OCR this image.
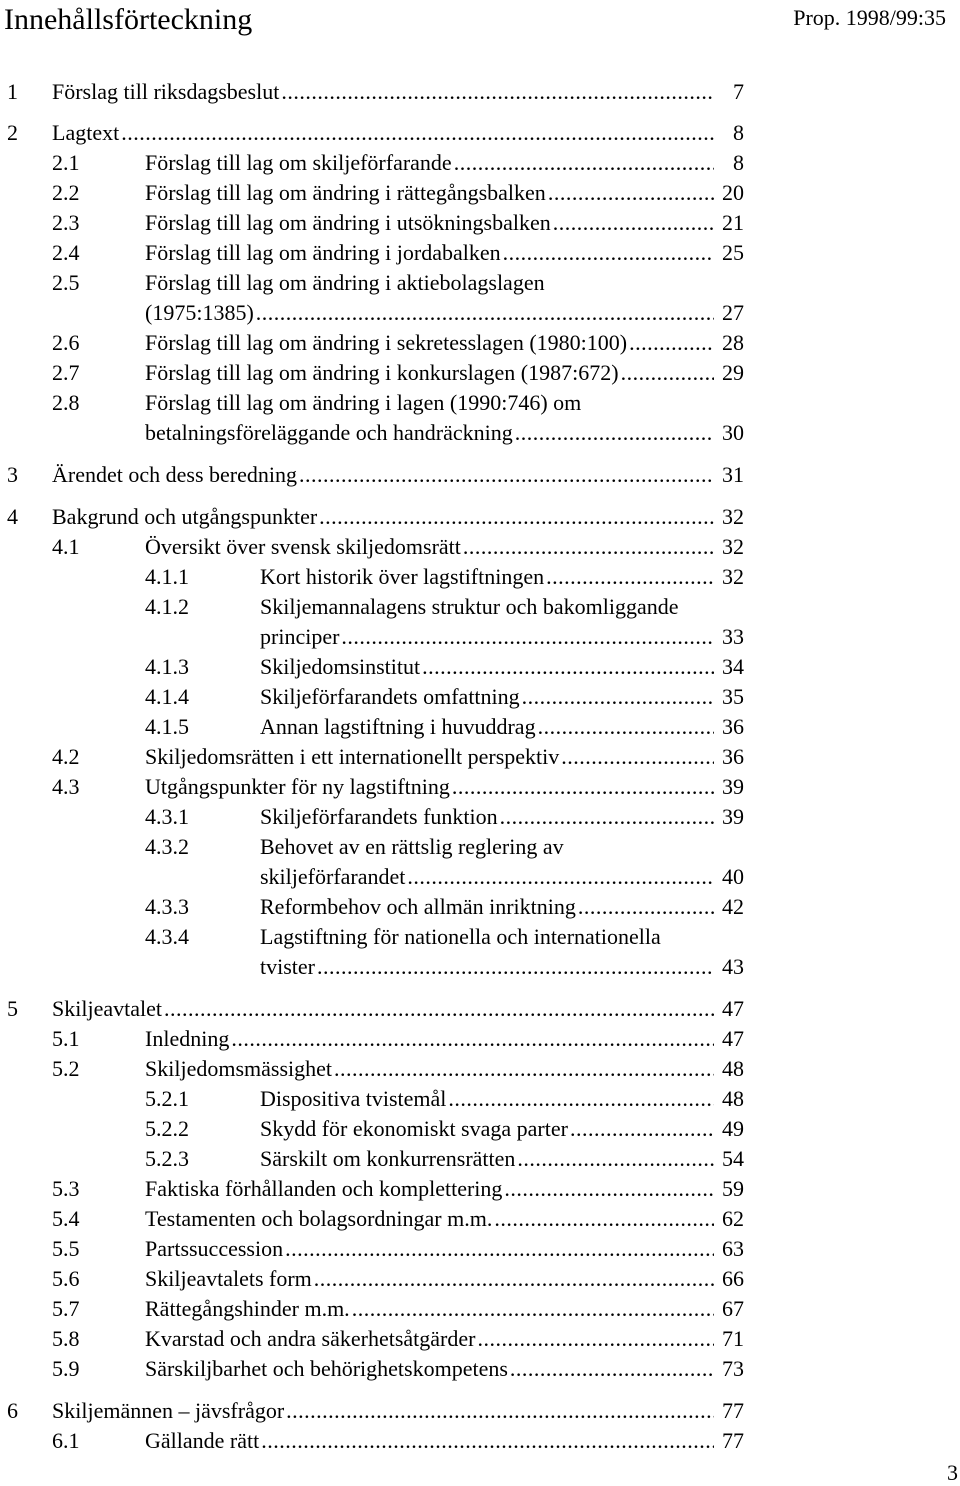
Innehållsförteckning	Prop. 1998/99:35
1 Förslag till riksdagsbeslut .....	7
2 Lagtext .....	8
2.1	Förslag till lag om skiljeförfarande .....	8
2.2	Förslag till lag om ändring i rättegångsbalken .....	20
2.3	Förslag till lag om ändring i utsökningsbalken .....	21
2.4	Förslag till lag om ändring i jordabalken .....	25
2.5	Förslag till lag om ändring i aktiebolagslagen
(1975:1385) .....	27
2.6	Förslag till lag om ändring i sekretesslagen (1980:100) .....	28
2.7	Förslag till lag om ändring i konkurslagen (1987:672) .....	29
2.8	Förslag till lag om ändring i lagen (1990:746) om
betalningsföreläggande och handräckning .....	30
3 Ärendet och dess beredning .....	31
4 Bakgrund och utgångspunkter .....	32
4.1	Översikt över svensk skiljedomsrätt .....	32
4.1.1	Kort historik över lagstiftningen .....	32
4.1.2	Skiljemannalagens struktur och bakomliggande
principer .....	33
4.1.3	Skiljedomsinstitut .....	34
4.1.4	Skiljeförfarandets omfattning .....	35
4.1.5	Annan lagstiftning i huvuddrag .....	36
4.2	Skiljedomsrätten i ett internationellt perspektiv .....	36
4.3	Utgångspunkter för ny lagstiftning .....	39
4.3.1	Skiljeförfarandets funktion .....	39
4.3.2	Behovet av en rättslig reglering av
skiljeförfarandet .....	40
4.3.3	Reformbehov och allmän inriktning .....	42
4.3.4	Lagstiftning för nationella och internationella
tvister .....	43
5 Skiljeavtalet .....	47
5.1	Inledning .....	47
5.2	Skiljedomsmässighet .....	48
5.2.1	Dispositiva tvistemål .....	48
5.2.2	Skydd för ekonomiskt svaga parter .....	49
5.2.3	Särskilt om konkurrensrätten .....	54
5.3	Faktiska förhållanden och komplettering .....	59
5.4	Testamenten och bolagsordningar m.m. .....	62
5.5	Partssuccession .....	63
5.6	Skiljeavtalets form .....	66
5.7	Rättegångshinder m.m. .....	67
5.8	Kvarstad och andra säkerhetsåtgärder .....	71
5.9	Särskiljbarhet och behörighetskompetens .....	73
6 Skiljemännen – jävsfrågor .....	77
6.1	Gällande rätt .....	77
3
